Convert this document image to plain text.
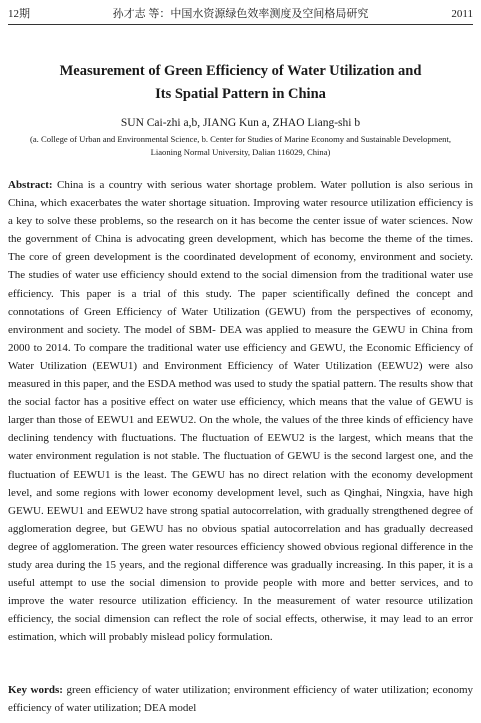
12期	孙才志 等：中国水资源绿色效率测度及空间格局研究	2011
Measurement of Green Efficiency of Water Utilization and
Its Spatial Pattern in China
SUN Cai-zhi a,b, JIANG Kun a, ZHAO Liang-shi b
(a. College of Urban and Environmental Science, b. Center for Studies of Marine Economy and Sustainable Development,
Liaoning Normal University, Dalian 116029, China)

Abstract: China is a country with serious water shortage problem. Water pollution is also serious in China, which exacerbates the water shortage situation. Improving water resource utilization efficiency is a key to solve these problems, so the research on it has become the center issue of water sciences. Now the government of China is advocating green development, which has become the theme of the times. The core of green development is the coordinated development of economy, environment and society. The studies of water use efficiency should extend to the social dimension from the traditional water use efficiency. This paper is a trial of this study. The paper scientifically defined the concept and connotations of Green Efficiency of Water Utilization (GEWU) from the perspectives of economy, environment and society. The model of SBM- DEA was applied to measure the GEWU in China from 2000 to 2014. To compare the traditional water use efficiency and GEWU, the Economic Efficiency of Water Utilization (EEWU1) and Environment Efficiency of Water Utilization (EEWU2) were also measured in this paper, and the ESDA method was used to study the spatial pattern. The results show that the social factor has a positive effect on water use efficiency, which means that the value of GEWU is larger than those of EEWU1 and EEWU2. On the whole, the values of the three kinds of efficiency have declining tendency with fluctuations. The fluctuation of EEWU2 is the largest, which means that the water environment regulation is not stable. The fluctuation of GEWU is the second largest one, and the fluctuation of EEWU1 is the least. The GEWU has no direct relation with the economy development level, and some regions with lower economy development level, such as Qinghai, Ningxia, have high GEWU. EEWU1 and EEWU2 have strong spatial autocorrelation, with gradually strengthened degree of agglomeration degree, but GEWU has no obvious spatial autocorrelation and has gradually decreased degree of agglomeration. The green water resources efficiency showed obvious regional difference in the study area during the 15 years, and the regional difference was gradually increasing. In this paper, it is a useful attempt to use the social dimension to provide people with more and better services, and to improve the water resource utilization efficiency. In the measurement of water resource utilization efficiency, the social dimension can reflect the role of social effects, otherwise, it may lead to an error estimation, which will probably mislead policy formulation.

Key words: green efficiency of water utilization; environment efficiency of water utilization; economy efficiency of water utilization; DEA model
